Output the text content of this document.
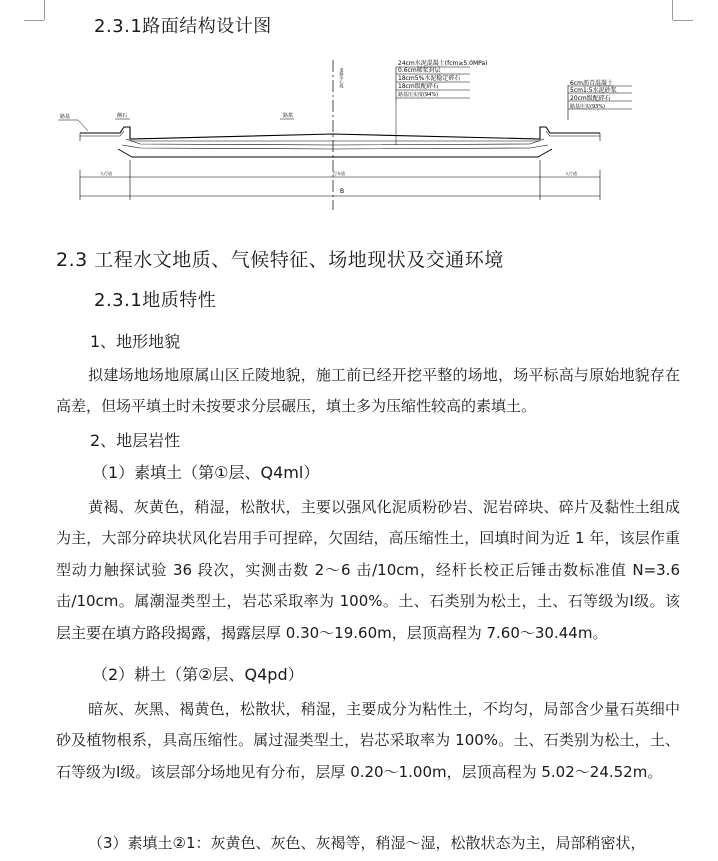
2.3.1路面结构设计图
道路中心线
24cm水泥混凝土(fcm≥5.0MPa)
0.6cm稀浆封层
18cm5%水泥稳定碎石
18cm级配碎石
路基压实度(94%)
6cm沥青混凝土
5cm1:5水泥砂浆
20cm级配碎石
路基压实(93%)
路基	侧石	路拱
人行道	行车道	人行道
B
2.3 工程水文地质、气候特征、场地现状及交通环境
2.3.1地质特性
1、地形地貌
拟建场地场地原属山区丘陵地貌，施工前已经开挖平整的场地，场平标高与原始地貌存在高差，但场平填土时未按要求分层碾压，填土多为压缩性较高的素填土。
2、地层岩性
（1）素填土（第①层、Q4ml）
黄褐、灰黄色，稍湿，松散状，主要以强风化泥质粉砂岩、泥岩碎块、碎片及黏性土组成为主，大部分碎块状风化岩用手可捏碎，欠固结，高压缩性土，回填时间为近 1 年，该层作重型动力触探试验 36 段次，实测击数 2～6 击/10cm，经杆长校正后锤击数标准值 N=3.6 击/10cm。属潮湿类型土，岩芯采取率为 100%。土、石类别为松土，土、石等级为Ⅰ级。该层主要在填方路段揭露，揭露层厚 0.30～19.60m，层顶高程为 7.60～30.44m。
（2）耕土（第②层、Q4pd）
暗灰、灰黑、褐黄色，松散状，稍湿，主要成分为粘性土，不均匀，局部含少量石英细中砂及植物根系，具高压缩性。属过湿类型土，岩芯采取率为 100%。土、石类别为松土，土、石等级为Ⅰ级。该层部分场地见有分布，层厚 0.20～1.00m，层顶高程为 5.02～24.52m。
（3）素填土②1：灰黄色、灰色、灰褐等，稍湿～湿，松散状态为主，局部稍密状，
